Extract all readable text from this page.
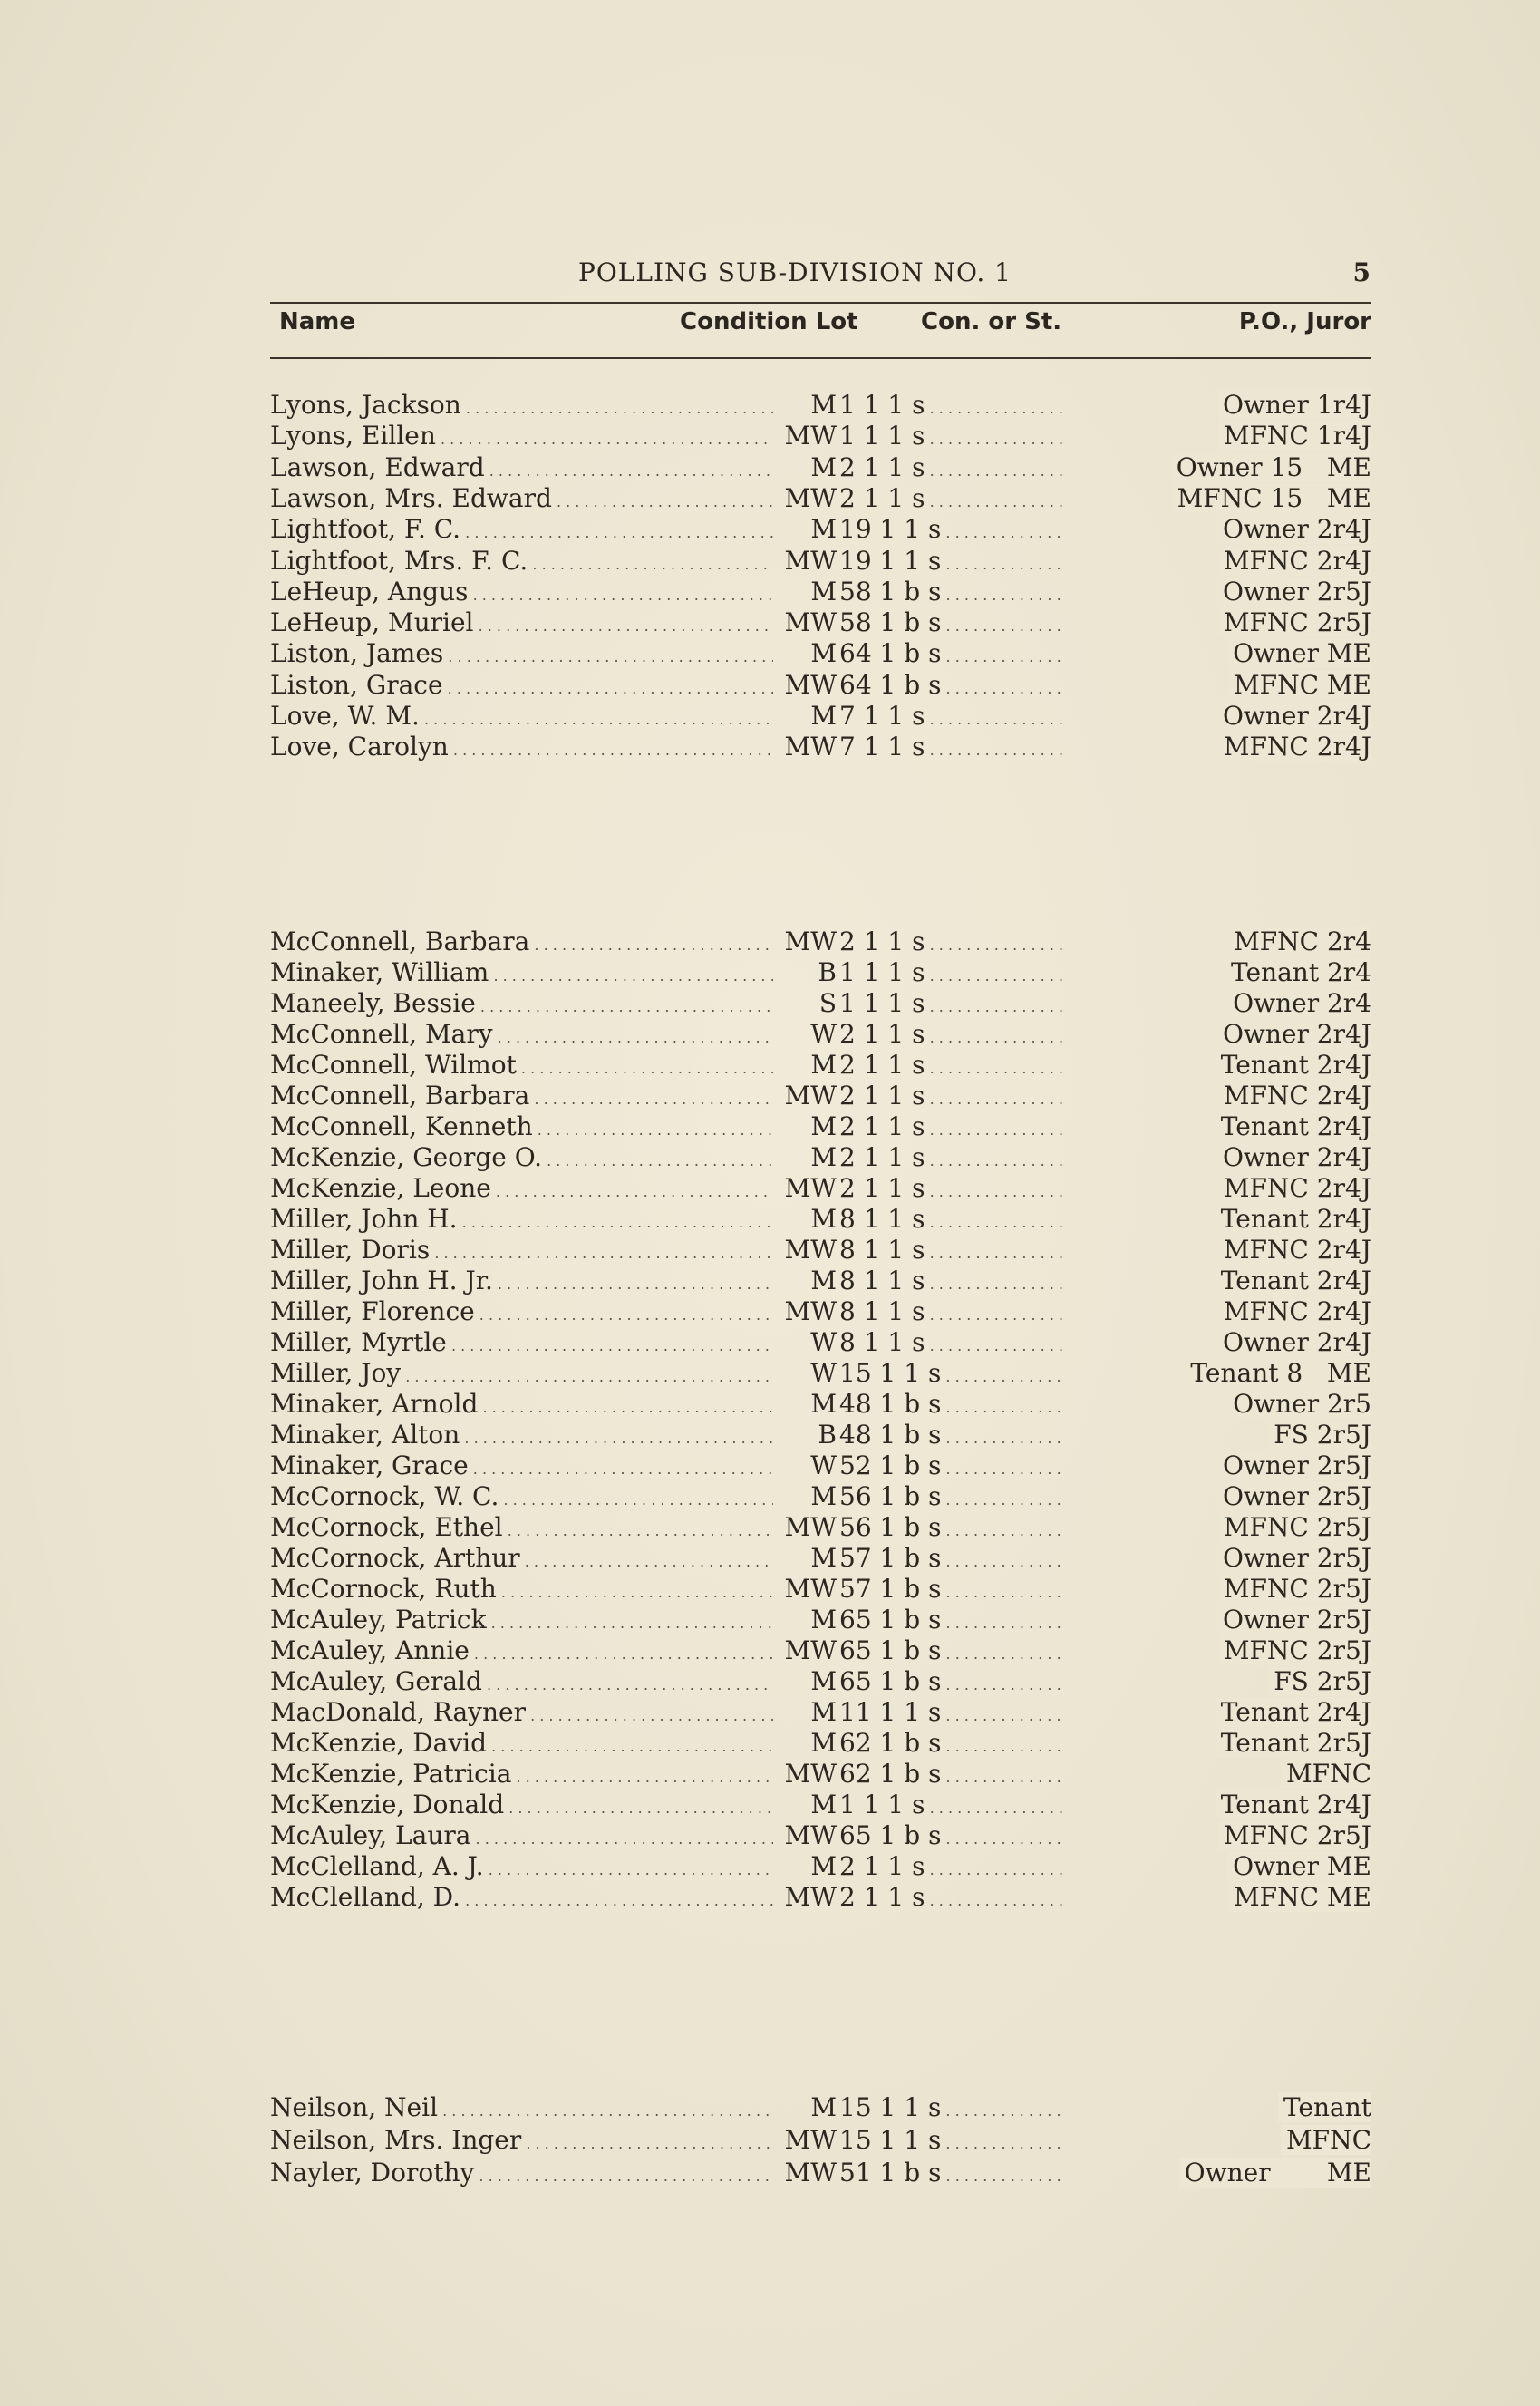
POLLING SUB-DIVISION NO. 1	5
Name	Condition Lot	Con. or St.	P.O., Juror
Lyons, Jackson . . .	M 1 1 1 s . . .	Owner 1r4J
Lyons, Eillen . . .	MW 1 1 1 s . . .	MFNC 1r4J
Lawson, Edward . . .	M 2 1 1 s . . .	Owner 15   ME
Lawson, Mrs. Edward . . .	MW 2 1 1 s . . .	MFNC 15   ME
Lightfoot, F. C. . . .	M 19 1 1 s . . .	Owner 2r4J
Lightfoot, Mrs. F. C. . . .	MW 19 1 1 s . . .	MFNC 2r4J
LeHeup, Angus . . .	M 58 1 b s . . .	Owner 2r5J
LeHeup, Muriel . . .	MW 58 1 b s . . .	MFNC 2r5J
Liston, James . . .	M 64 1 b s . . .	Owner ME
Liston, Grace . . .	MW 64 1 b s . . .	MFNC ME
Love, W. M. . . .	M 7 1 1 s . . .	Owner 2r4J
Love, Carolyn . . .	MW 7 1 1 s . . .	MFNC 2r4J
McConnell, Barbara . . .	MW 2 1 1 s . . .	MFNC 2r4
Minaker, William . . .	B 1 1 1 s . . .	Tenant 2r4
Maneely, Bessie . . .	S 1 1 1 s . . .	Owner 2r4
McConnell, Mary . . .	W 2 1 1 s . . .	Owner 2r4J
McConnell, Wilmot . . .	M 2 1 1 s . . .	Tenant 2r4J
McConnell, Barbara . . .	MW 2 1 1 s . . .	MFNC 2r4J
McConnell, Kenneth . . .	M 2 1 1 s . . .	Tenant 2r4J
McKenzie, George O. . . .	M 2 1 1 s . . .	Owner 2r4J
McKenzie, Leone . . .	MW 2 1 1 s . . .	MFNC 2r4J
Miller, John H. . . .	M 8 1 1 s . . .	Tenant 2r4J
Miller, Doris . . .	MW 8 1 1 s . . .	MFNC 2r4J
Miller, John H. Jr. . . .	M 8 1 1 s . . .	Tenant 2r4J
Miller, Florence . . .	MW 8 1 1 s . . .	MFNC 2r4J
Miller, Myrtle . . .	W 8 1 1 s . . .	Owner 2r4J
Miller, Joy . . .	W 15 1 1 s . . .	Tenant 8   ME
Minaker, Arnold . . .	M 48 1 b s . . .	Owner 2r5
Minaker, Alton . . .	B 48 1 b s . . .	FS 2r5J
Minaker, Grace . . .	W 52 1 b s . . .	Owner 2r5J
McCornock, W. C. . . .	M 56 1 b s . . .	Owner 2r5J
McCornock, Ethel . . .	MW 56 1 b s . . .	MFNC 2r5J
McCornock, Arthur . . .	M 57 1 b s . . .	Owner 2r5J
McCornock, Ruth . . .	MW 57 1 b s . . .	MFNC 2r5J
McAuley, Patrick . . .	M 65 1 b s . . .	Owner 2r5J
McAuley, Annie . . .	MW 65 1 b s . . .	MFNC 2r5J
McAuley, Gerald . . .	M 65 1 b s . . .	FS 2r5J
MacDonald, Rayner . . .	M 11 1 1 s . . .	Tenant 2r4J
McKenzie, David . . .	M 62 1 b s . . .	Tenant 2r5J
McKenzie, Patricia . . .	MW 62 1 b s . . .	MFNC
McKenzie, Donald . . .	M 1 1 1 s . . .	Tenant 2r4J
McAuley, Laura . . .	MW 65 1 b s . . .	MFNC 2r5J
McClelland, A. J. . . .	M 2 1 1 s . . .	Owner ME
McClelland, D. . . .	MW 2 1 1 s . . .	MFNC ME
Neilson, Neil . . .	M 15 1 1 s . . .	Tenant
Neilson, Mrs. Inger . . .	MW 15 1 1 s . . .	MFNC
Nayler, Dorothy . . .	MW 51 1 b s . . .	Owner       ME
